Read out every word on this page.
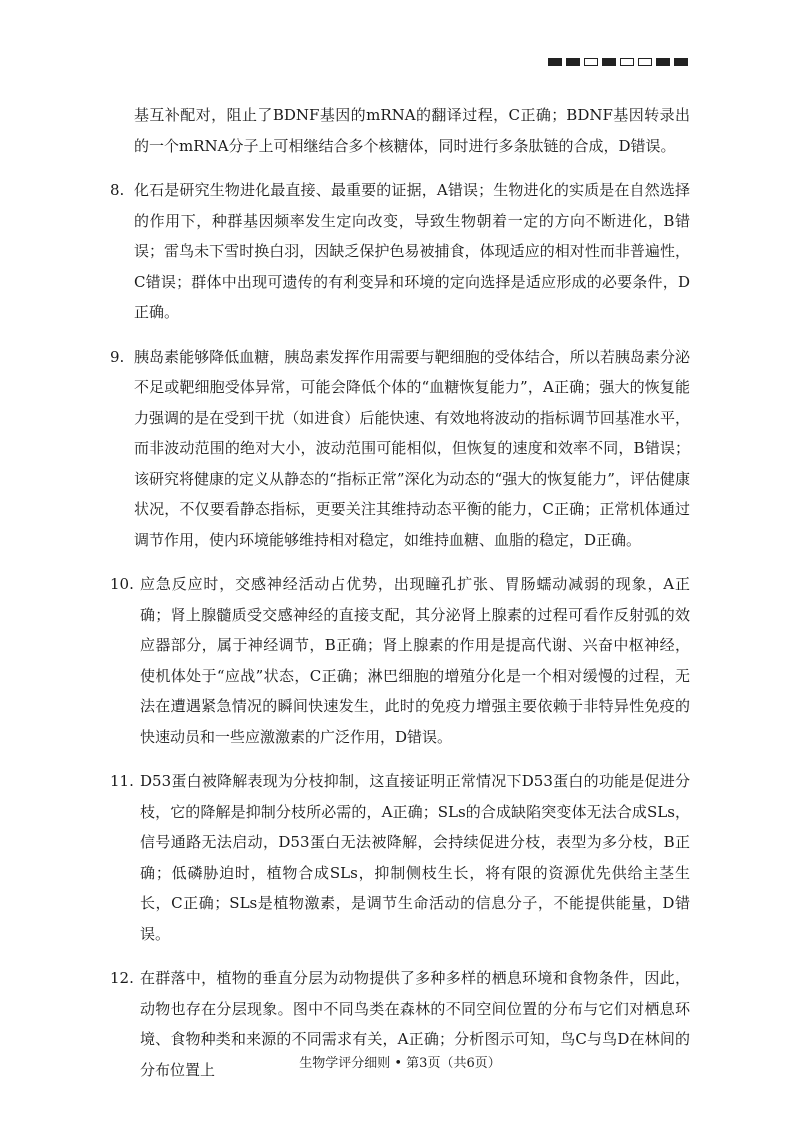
基互补配对，阻止了BDNF基因的mRNA的翻译过程，C正确；BDNF基因转录出的一个mRNA分子上可相继结合多个核糖体，同时进行多条肽链的合成，D错误。
8. 化石是研究生物进化最直接、最重要的证据，A错误；生物进化的实质是在自然选择的作用下，种群基因频率发生定向改变，导致生物朝着一定的方向不断进化，B错误；雷鸟未下雪时换白羽，因缺乏保护色易被捕食，体现适应的相对性而非普遍性，C错误；群体中出现可遗传的有利变异和环境的定向选择是适应形成的必要条件，D正确。
9. 胰岛素能够降低血糖，胰岛素发挥作用需要与靶细胞的受体结合，所以若胰岛素分泌不足或靶细胞受体异常，可能会降低个体的“血糖恢复能力”，A正确；强大的恢复能力强调的是在受到干扰（如进食）后能快速、有效地将波动的指标调节回基准水平，而非波动范围的绝对大小，波动范围可能相似，但恢复的速度和效率不同，B错误；该研究将健康的定义从静态的“指标正常”深化为动态的“强大的恢复能力”，评估健康状况，不仅要看静态指标，更要关注其维持动态平衡的能力，C正确；正常机体通过调节作用，使内环境能够维持相对稳定，如维持血糖、血脂的稳定，D正确。
10. 应急反应时，交感神经活动占优势，出现瞳孔扩张、胃肠蠕动减弱的现象，A正确；肾上腺髓质受交感神经的直接支配，其分泌肾上腺素的过程可看作反射弧的效应器部分，属于神经调节，B正确；肾上腺素的作用是提高代谢、兴奋中枢神经，使机体处于“应战”状态，C正确；淋巴细胞的增殖分化是一个相对缓慢的过程，无法在遭遇紧急情况的瞬间快速发生，此时的免疫力增强主要依赖于非特异性免疫的快速动员和一些应激激素的广泛作用，D错误。
11. D53蛋白被降解表现为分枝抑制，这直接证明正常情况下D53蛋白的功能是促进分枝，它的降解是抑制分枝所必需的，A正确；SLs的合成缺陷突变体无法合成SLs，信号通路无法启动，D53蛋白无法被降解，会持续促进分枝，表型为多分枝，B正确；低磷胁迫时，植物合成SLs，抑制侧枝生长，将有限的资源优先供给主茎生长，C正确；SLs是植物激素，是调节生命活动的信息分子，不能提供能量，D错误。
12. 在群落中，植物的垂直分层为动物提供了多种多样的栖息环境和食物条件，因此，动物也存在分层现象。图中不同鸟类在森林的不同空间位置的分布与它们对栖息环境、食物种类和来源的不同需求有关，A正确；分析图示可知，鸟C与鸟D在林间的分布位置上	生物学评分细则 • 第3页（共6页）
